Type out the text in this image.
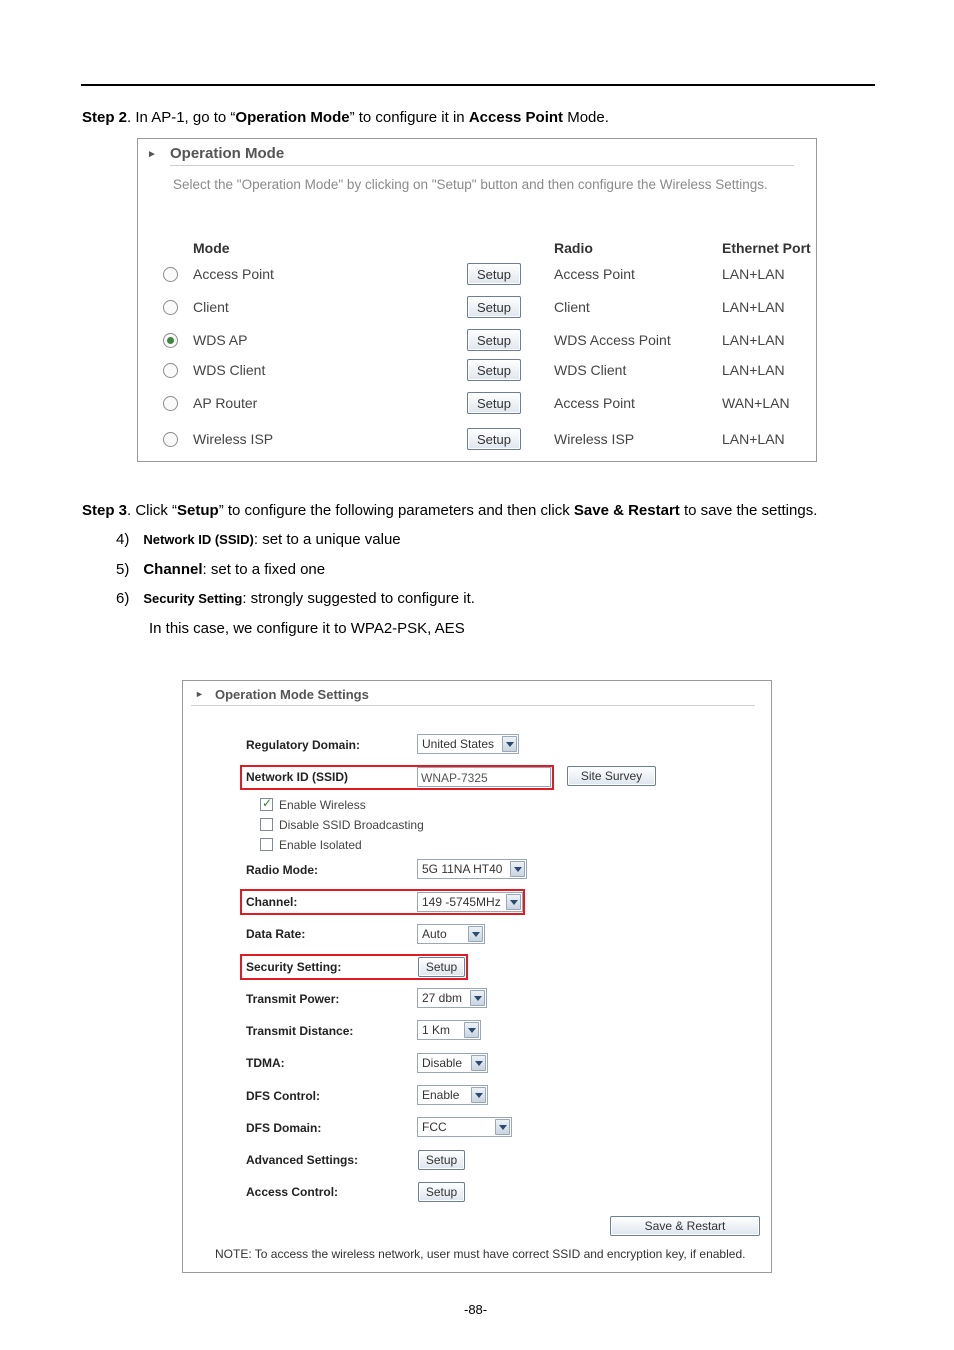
Step 2. In AP-1, go to “Operation Mode” to configure it in Access Point Mode.
► Operation Mode
Select the "Operation Mode" by clicking on "Setup" button and then configure the Wireless Settings.
Mode	Radio	Ethernet Port
Access Point	Setup	Access Point	LAN+LAN
Client	Setup	Client	LAN+LAN
WDS AP	Setup	WDS Access Point	LAN+LAN
WDS Client	Setup	WDS Client	LAN+LAN
AP Router	Setup	Access Point	WAN+LAN
Wireless ISP	Setup	Wireless ISP	LAN+LAN
Step 3. Click “Setup” to configure the following parameters and then click Save & Restart to save the settings.
4) Network ID (SSID): set to a unique value
5) Channel: set to a fixed one
6) Security Setting: strongly suggested to configure it.
In this case, we configure it to WPA2-PSK, AES
► Operation Mode Settings
Regulatory Domain:	United States
Network ID (SSID)	WNAP-7325	Site Survey
✓
Enable Wireless
Disable SSID Broadcasting
Enable Isolated
Radio Mode:	5G 11NA HT40
Channel:	149 -5745MHz
Data Rate:	Auto
Security Setting:	Setup
Transmit Power:	27 dbm
Transmit Distance:	1 Km
TDMA:	Disable
DFS Control:	Enable
DFS Domain:	FCC
Advanced Settings:	Setup
Access Control:	Setup
Save & Restart
NOTE: To access the wireless network, user must have correct SSID and encryption key, if enabled.
-88-
